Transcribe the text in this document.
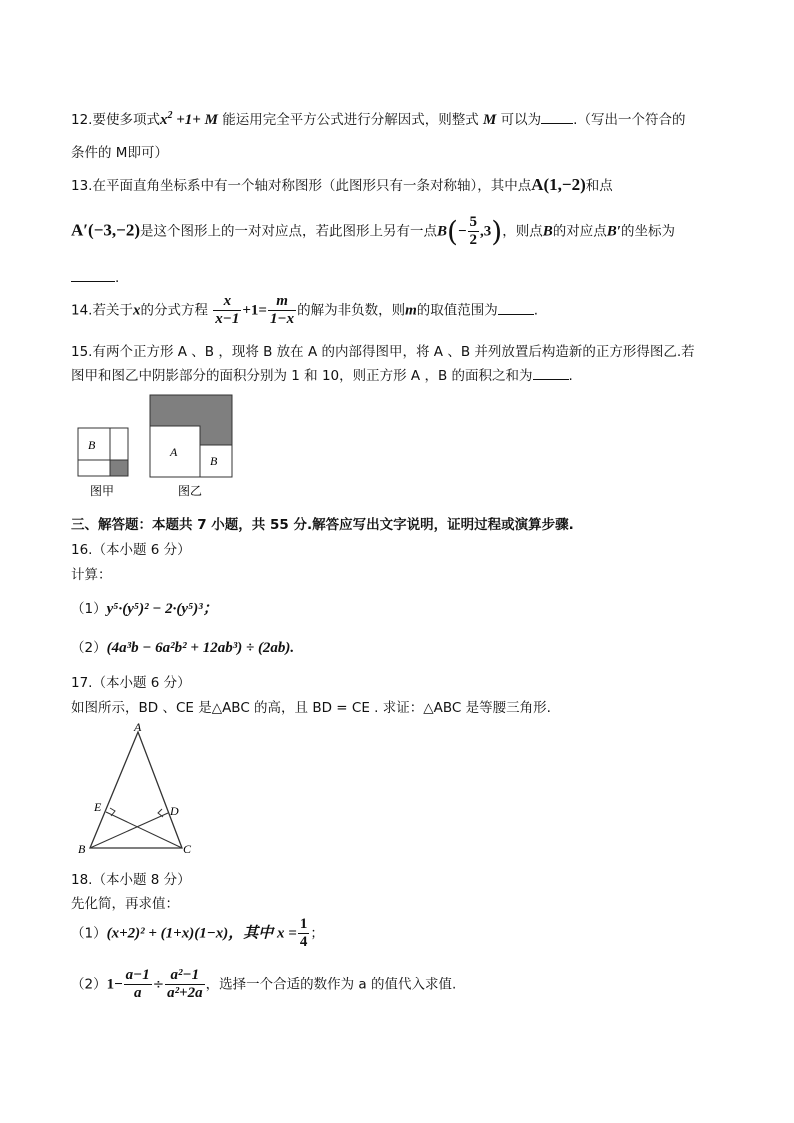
12.要使多项式$x^2 +1+ M$ 能运用完全平方公式进行分解因式，则整式 M 可以为 .（写出一个符合的
条件的 M即可）
13.在平面直角坐标系中有一个轴对称图形（此图形只有一条对称轴），其中点A(1,−2)和点
A′(−3,−2)是这个图形上的一对对应点，若此图形上另有一点$B(- \frac{5}{2} ,3)$，则点B的对应点B′的坐标为
.
14.若关于x的分式方程 $\frac{x}{x-1} +1= \frac{m}{1-x}$ 的解为非负数，则m的取值范围为	.
15.有两个正方形 A 、B ，现将 B 放在 A 的内部得图甲，将 A 、B 并列放置后构造新的正方形得图乙.若
图甲和图乙中阴影部分的面积分别为 1 和 10，则正方形 A ，B 的面积之和为	.
B	A
B
图甲	图乙
三、解答题：本题共 7 小题，共 55 分.解答应写出文字说明，证明过程或演算步骤.
16.（本小题 6 分）
计算：
（1）y⁵·(y⁵)² − 2·(y⁵)³；
（2）(4a³b − 6a²b² + 12ab³) ÷ (2ab).
17.（本小题 6 分）
如图所示，BD 、CE 是△ABC 的高，且 BD = CE . 求证：△ABC 是等腰三角形.
A
B	C
D
E
18.（本小题 8 分）
先化简，再求值：
（1）(x+2)² + (1+x)(1−x)，其中 $x = \frac{1}{4}$ ；
$(2)1- \frac{a-1}{a} \div \frac{\text{a²−1}}{\text{a²+2a}}$ ，选择一个合适的数作为 a 的值代入求值.
